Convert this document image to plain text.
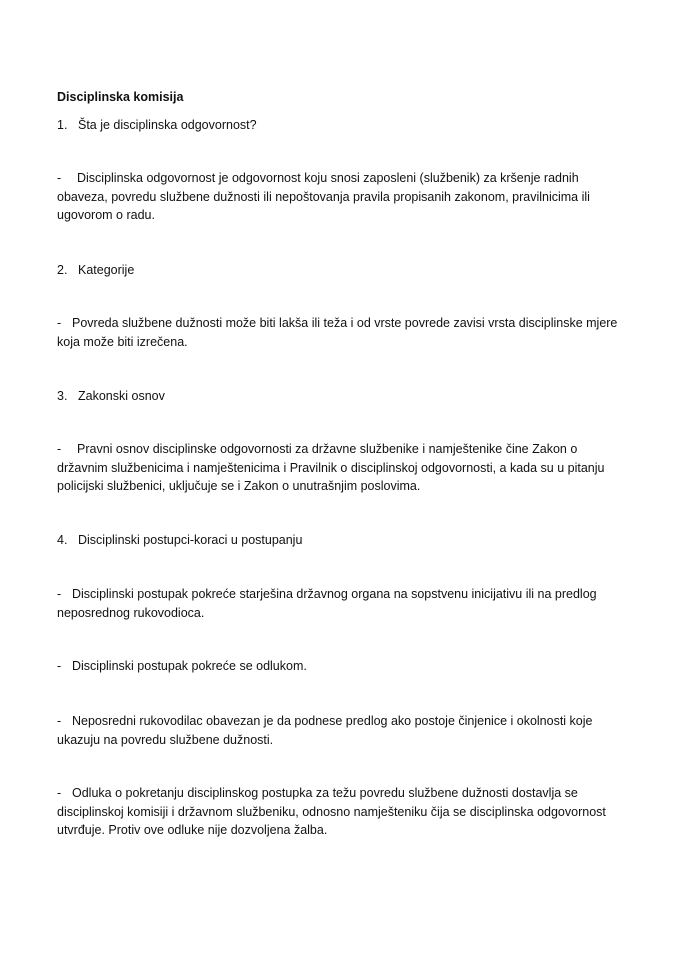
Disciplinska komisija
1. Šta je disciplinska odgovornost?

- Disciplinska odgovornost je odgovornost koju snosi zaposleni (službenik) za kršenje radnih obaveza, povredu službene dužnosti ili nepoštovanja pravila propisanih zakonom, pravilnicima ili ugovorom o radu.

2. Kategorije

- Povreda službene dužnosti može biti lakša ili teža i od vrste povrede zavisi vrsta disciplinske mjere koja može biti izrečena.

3. Zakonski osnov

- Pravni osnov disciplinske odgovornosti za državne službenike i namještenike čine Zakon o državnim službenicima i namještenicima i Pravilnik o disciplinskoj odgovornosti, a kada su u pitanju policijski službenici, uključuje se i Zakon o unutrašnjim poslovima.

4. Disciplinski postupci-koraci u postupanju

- Disciplinski postupak pokreće starješina državnog organa na sopstvenu inicijativu ili na predlog neposrednog rukovodioca.

- Disciplinski postupak pokreće se odlukom.

- Neposredni rukovodilac obavezan je da podnese predlog ako postoje činjenice i okolnosti koje ukazuju na povredu službene dužnosti.

- Odluka o pokretanju disciplinskog postupka za težu povredu službene dužnosti dostavlja se disciplinskoj komisiji i državnom službeniku, odnosno namješteniku čija se disciplinska odgovornost utvrđuje. Protiv ove odluke nije dozvoljena žalba.
